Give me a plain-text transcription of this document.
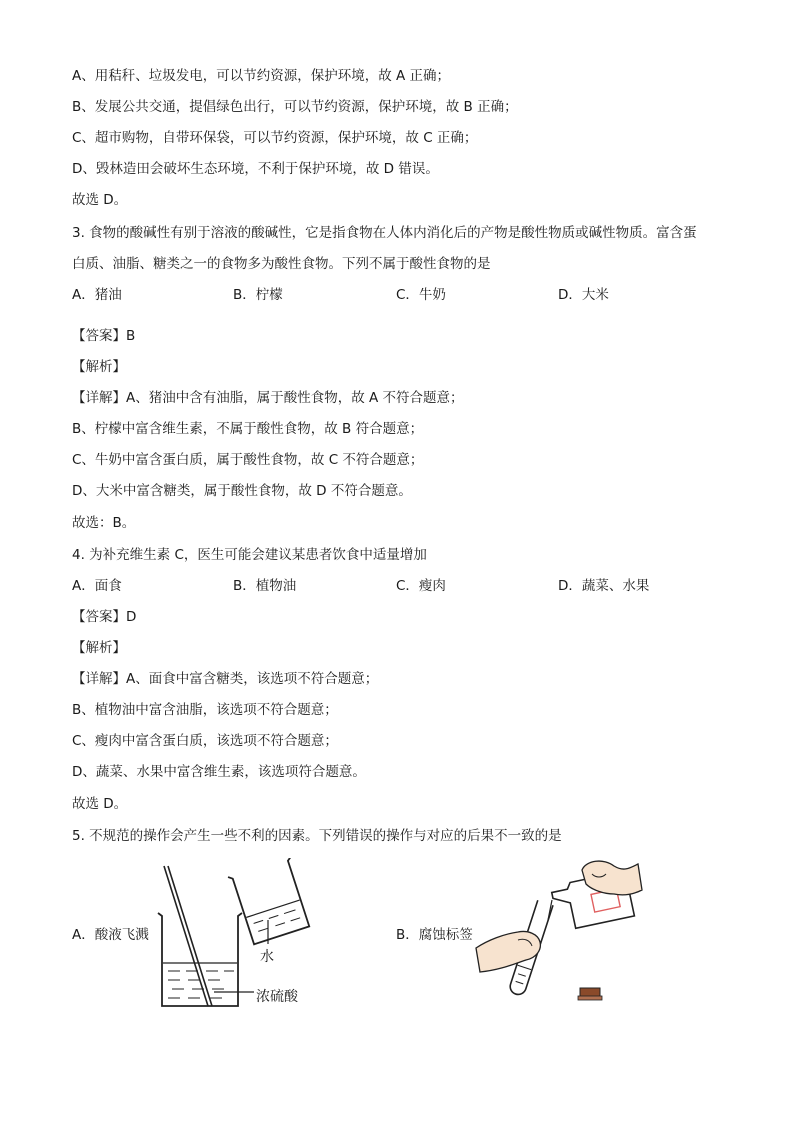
A、用秸秆、垃圾发电，可以节约资源，保护环境，故 A 正确；
B、发展公共交通，提倡绿色出行，可以节约资源，保护环境，故 B 正确；
C、超市购物，自带环保袋，可以节约资源，保护环境，故 C 正确；
D、毁林造田会破坏生态环境，不利于保护环境，故 D 错误。
故选 D。
3. 食物的酸碱性有别于溶液的酸碱性，它是指食物在人体内消化后的产物是酸性物质或碱性物质。富含蛋
白质、油脂、糖类之一的食物多为酸性食物。下列不属于酸性食物的是
A．猪油	B．柠檬	C．牛奶	D．大米
【答案】B
【解析】
【详解】A、猪油中含有油脂，属于酸性食物，故 A 不符合题意；
B、柠檬中富含维生素，不属于酸性食物，故 B 符合题意；
C、牛奶中富含蛋白质，属于酸性食物，故 C 不符合题意；
D、大米中富含糖类，属于酸性食物，故 D 不符合题意。
故选：B。
4. 为补充维生素 C，医生可能会建议某患者饮食中适量增加
A．面食	B．植物油	C．瘦肉	D．蔬菜、水果
【答案】D
【解析】
【详解】A、面食中富含糖类，该选项不符合题意；
B、植物油中富含油脂，该选项不符合题意；
C、瘦肉中富含蛋白质，该选项不符合题意；
D、蔬菜、水果中富含维生素，该选项符合题意。
故选 D。
5. 不规范的操作会产生一些不利的因素。下列错误的操作与对应的后果不一致的是
A．酸液飞溅
水
浓硫酸
B．腐蚀标签
